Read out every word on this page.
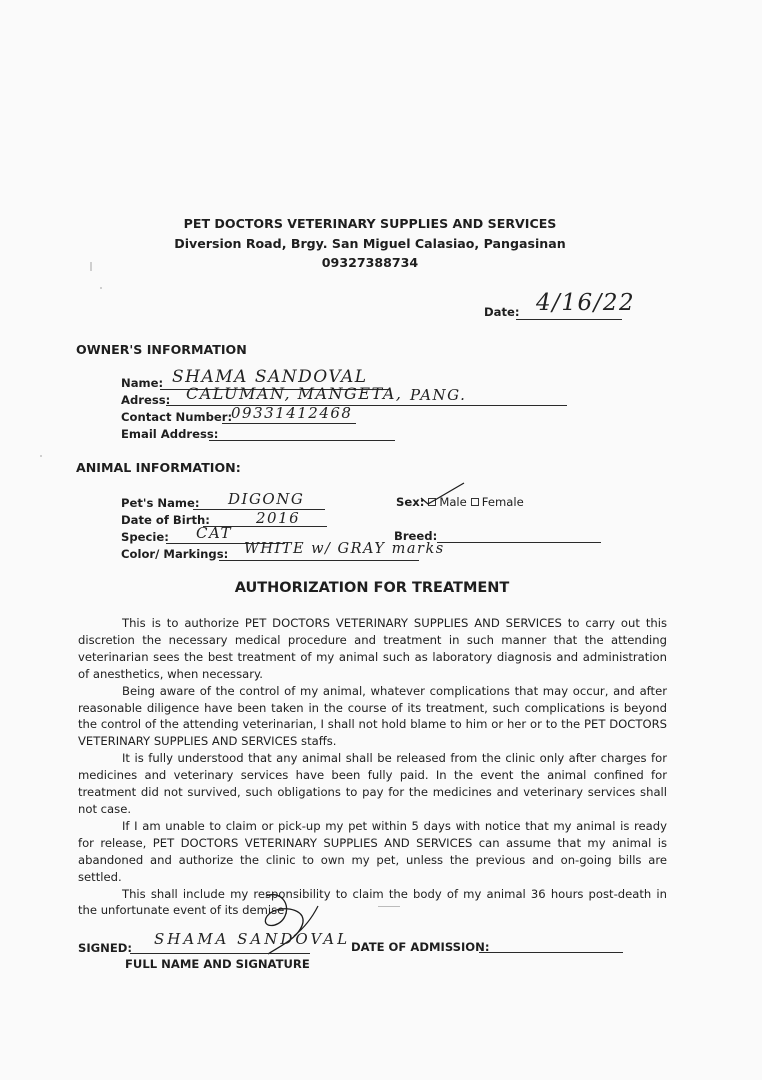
PET DOCTORS VETERINARY SUPPLIES AND SERVICES
Diversion Road, Brgy. San Miguel Calasiao, Pangasinan
09327388734
Date: 4/16/22
OWNER'S INFORMATION
Name: SHAMA SANDOVAL
Adress: CALUMAN, MANGETA, PANG.
Contact Number:
09331412468
Email Address:
ANIMAL INFORMATION:
Pet's Name: DIGONG
Date of Birth:	2016
Specie: CAT
Color/ Markings: WHITE w/ GRAY marks
Sex: Male Female
Breed:
AUTHORIZATION FOR TREATMENT

This is to authorize PET DOCTORS VETERINARY SUPPLIES AND SERVICES to carry out this discretion the necessary medical procedure and treatment in such manner that the attending veterinarian sees the best treatment of my animal such as laboratory diagnosis and administration of anesthetics, when necessary.

Being aware of the control of my animal, whatever complications that may occur, and after reasonable diligence have been taken in the course of its treatment, such complications is beyond the control of the attending veterinarian, I shall not hold blame to him or her or to the PET DOCTORS VETERINARY SUPPLIES AND SERVICES staffs.

It is fully understood that any animal shall be released from the clinic only after charges for medicines and veterinary services have been fully paid. In the event the animal confined for treatment did not survived, such obligations to pay for the medicines and veterinary services shall not case.

If I am unable to claim or pick-up my pet within 5 days with notice that my animal is ready for release, PET DOCTORS VETERINARY SUPPLIES AND SERVICES can assume that my animal is abandoned and authorize the clinic to own my pet, unless the previous and on-going bills are settled.

This shall include my responsibility to claim the body of my animal 36 hours post-death in the unfortunate event of its demise.

SIGNED: SHAMA SANDOVAL
FULL NAME AND SIGNATURE
DATE OF ADMISSION:
